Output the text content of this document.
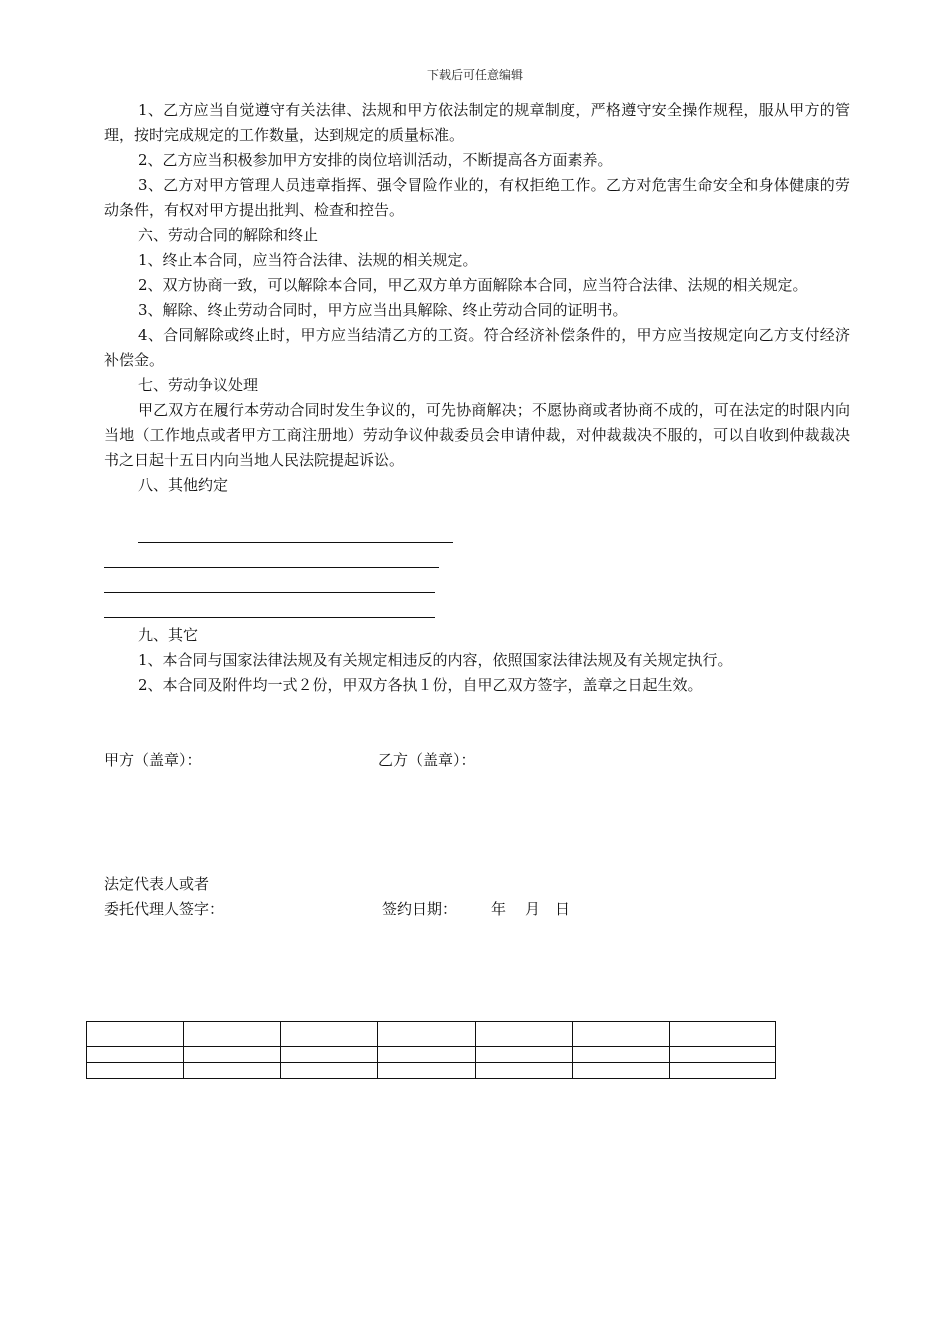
下载后可任意编辑

1、乙方应当自觉遵守有关法律、法规和甲方依法制定的规章制度，严格遵守安全操作规程，服从甲方的管理，按时完成规定的工作数量，达到规定的质量标准。

2、乙方应当积极参加甲方安排的岗位培训活动，不断提高各方面素养。

3、乙方对甲方管理人员违章指挥、强令冒险作业的，有权拒绝工作。乙方对危害生命安全和身体健康的劳动条件，有权对甲方提出批判、检查和控告。

六、劳动合同的解除和终止

1、终止本合同，应当符合法律、法规的相关规定。

2、双方协商一致，可以解除本合同，甲乙双方单方面解除本合同，应当符合法律、法规的相关规定。

3、解除、终止劳动合同时，甲方应当出具解除、终止劳动合同的证明书。

4、合同解除或终止时，甲方应当结清乙方的工资。符合经济补偿条件的，甲方应当按规定向乙方支付经济补偿金。

七、劳动争议处理

甲乙双方在履行本劳动合同时发生争议的，可先协商解决；不愿协商或者协商不成的，可在法定的时限内向当地（工作地点或者甲方工商注册地）劳动争议仲裁委员会申请仲裁，对仲裁裁决不服的，可以自收到仲裁裁决书之日起十五日内向当地人民法院提起诉讼。

八、其他约定

九、其它

1、本合同与国家法律法规及有关规定相违反的内容，依照国家法律法规及有关规定执行。

2、本合同及附件均一式２份，甲双方各执１份，自甲乙双方签字，盖章之日起生效。

甲方（盖章）：	乙方（盖章）：
法定代表人或者
委托代理人签字：	签约日期： 年 月 日
